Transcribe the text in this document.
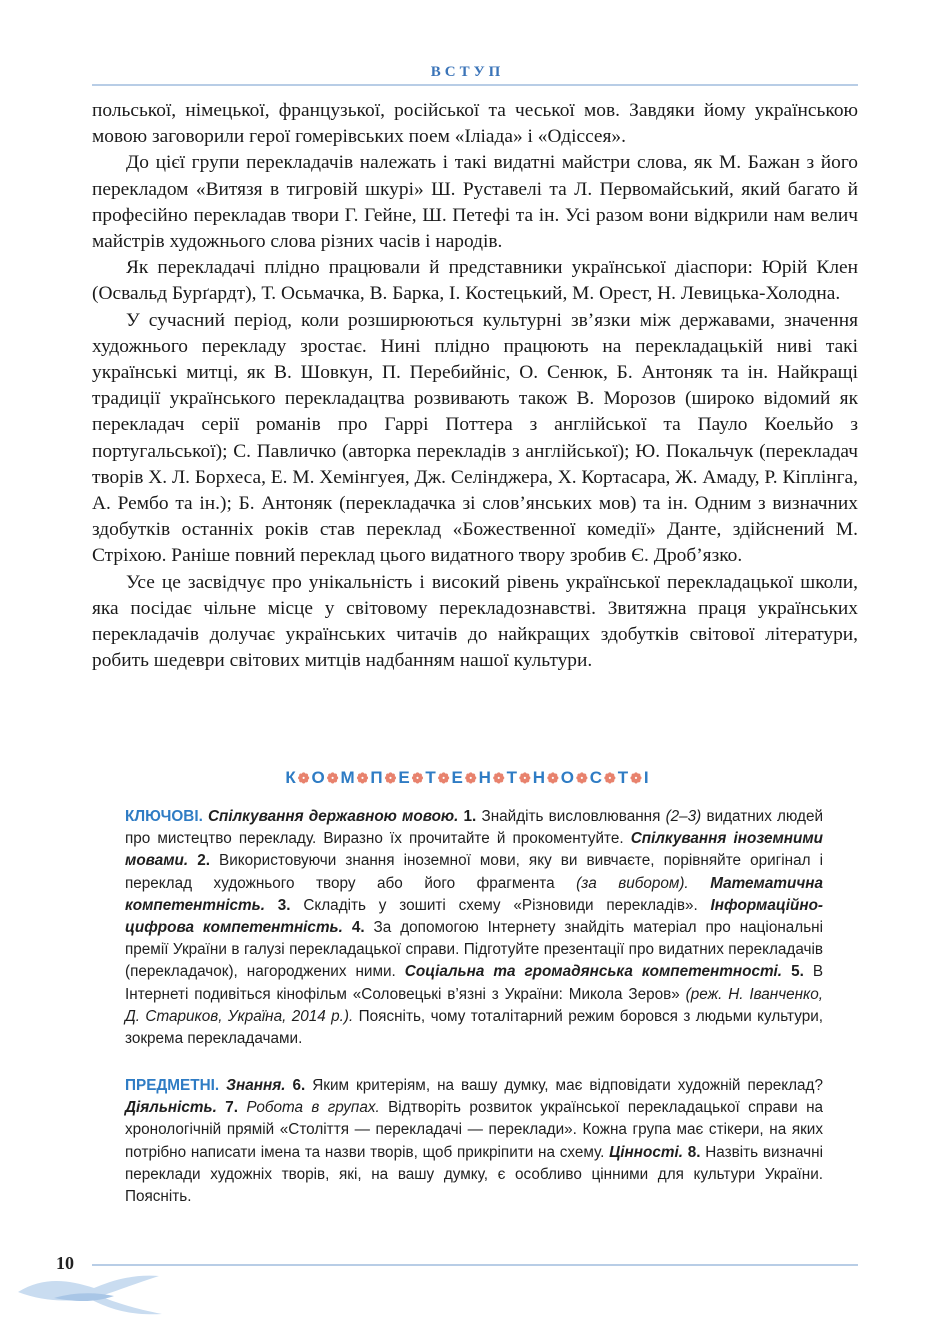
ВСТУП

польської, німецької, французької, російської та чеської мов. Завдяки йому українською мовою заговорили герої гомерівських поем «Іліада» і «Одіссея».

До цієї групи перекладачів належать і такі видатні майстри слова, як М. Бажан з його перекладом «Витязя в тигровій шкурі» Ш. Руставелі та Л. Первомайський, який багато й професійно перекладав твори Г. Гейне, Ш. Петефі та ін. Усі разом вони відкрили нам велич майстрів художнього слова різних часів і народів.

Як перекладачі плідно працювали й представники української діаспори: Юрій Клен (Освальд Бурґардт), Т. Осьмачка, В. Барка, І. Костецький, М. Орест, Н. Левицька-Холодна.

У сучасний період, коли розширюються культурні зв’язки між державами, значення художнього перекладу зростає. Нині плідно працюють на перекладацькій ниві такі українські митці, як В. Шовкун, П. Перебийніс, О. Сенюк, Б. Антоняк та ін. Найкращі традиції українського перекладацтва розвивають також В. Морозов (широко відомий як перекладач серії романів про Гаррі Поттера з англійської та Пауло Коельйо з португальської); С. Павличко (авторка перекладів з англійської); Ю. Покальчук (перекладач творів Х. Л. Борхеса, Е. М. Хемінгуея, Дж. Селінджера, Х. Кортасара, Ж. Амаду, Р. Кіплінга, А. Рембо та ін.); Б. Антоняк (перекладачка зі слов’янських мов) та ін. Одним з визначних здобутків останніх років став переклад «Божественної комедії» Данте, здійснений М. Стріхою. Раніше повний переклад цього видатного твору зробив Є. Дроб’язко.

Усе це засвідчує про унікальність і високий рівень української перекладацької школи, яка посідає чільне місце у світовому перекладознавстві. Звитяжна праця українських перекладачів долучає українських читачів до найкращих здобутків світової літератури, робить шедеври світових митців надбанням нашої культури.

К❁О❁М❁П❁Е❁Т❁Е❁Н❁Т❁Н❁О❁С❁Т❁І

КЛЮЧОВІ. Спілкування державною мовою. 1. Знайдіть висловлювання (2–3) видатних людей про мистецтво перекладу. Виразно їх прочитайте й прокоментуйте. Спілкування іноземними мовами. 2. Використовуючи знання іноземної мови, яку ви вивчаєте, порівняйте оригінал і переклад художнього твору або його фрагмента (за вибором). Математична компетентність. 3. Складіть у зошиті схему «Різновиди перекладів». Інформаційно-цифрова компетентність. 4. За допомогою Інтернету знайдіть матеріал про національні премії України в галузі перекладацької справи. Підготуйте презентації про видатних перекладачів (перекладачок), нагороджених ними. Соціальна та громадянська компетентності. 5. В Інтернеті подивіться кінофільм «Соловецькі в’язні з України: Микола Зеров» (реж. Н. Іванченко, Д. Стариков, Україна, 2014 р.). Поясніть, чому тоталітарний режим боровся з людьми культури, зокрема перекладачами.

ПРЕДМЕТНІ. Знання. 6. Яким критеріям, на вашу думку, має відповідати художній переклад? Діяльність. 7. Робота в групах. Відтворіть розвиток української перекладацької справи на хронологічній прямій «Століття — перекладачі — переклади». Кожна група має стікери, на яких потрібно написати імена та назви творів, щоб прикріпити на схему. Цінності. 8. Назвіть визначні переклади художніх творів, які, на вашу думку, є особливо цінними для культури України. Поясніть.

10
